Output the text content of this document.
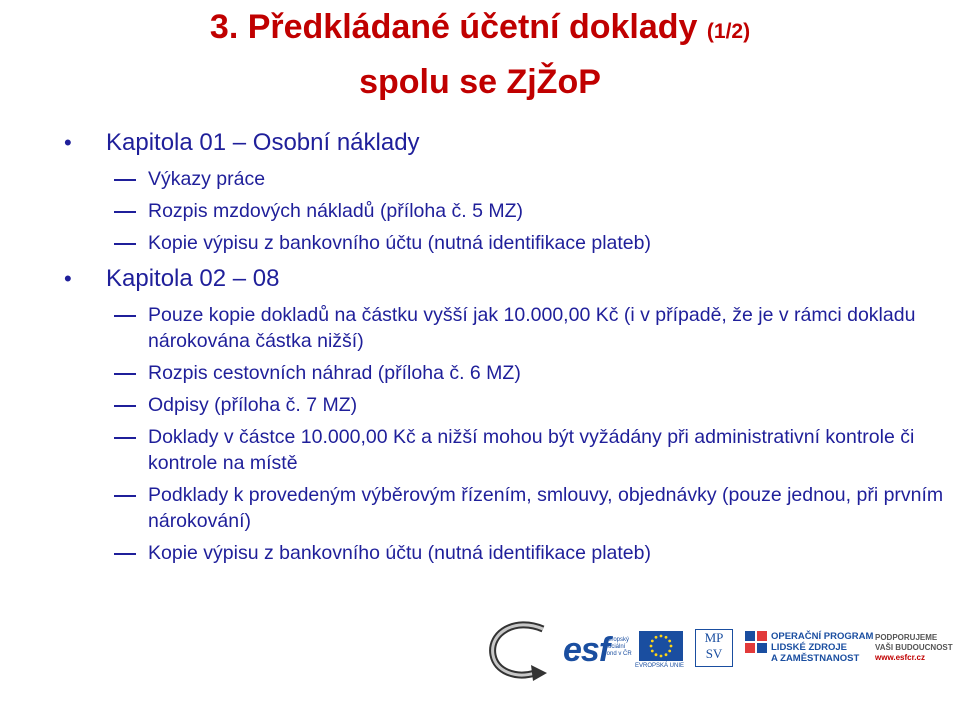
3. Předkládané účetní doklady (1/2)
spolu se ZjŽoP
• Kapitola 01 – Osobní náklady
Výkazy práce
Rozpis mzdových nákladů (příloha č. 5 MZ)
Kopie výpisu z bankovního účtu (nutná identifikace plateb)
• Kapitola 02 – 08
Pouze kopie dokladů na částku vyšší jak 10.000,00 Kč (i v případě, že je v rámci dokladu nárokována částka nižší)
Rozpis cestovních náhrad (příloha č. 6 MZ)
Odpisy (příloha č. 7 MZ)
Doklady v částce 10.000,00 Kč a nižší mohou být vyžádány při administrativní kontrole či kontrole na místě
Podklady k provedeným výběrovým řízením, smlouvy, objednávky (pouze jednou, při prvním nárokování)
Kopie výpisu z bankovního účtu (nutná identifikace plateb)
esf
evropský
sociální
fond v ČR
EVROPSKÁ UNIE
MP
SV
OPERAČNÍ PROGRAM
LIDSKÉ ZDROJE
A ZAMĚSTNANOST
PODPORUJEME
VAŠI BUDOUCNOST
www.esfcr.cz
